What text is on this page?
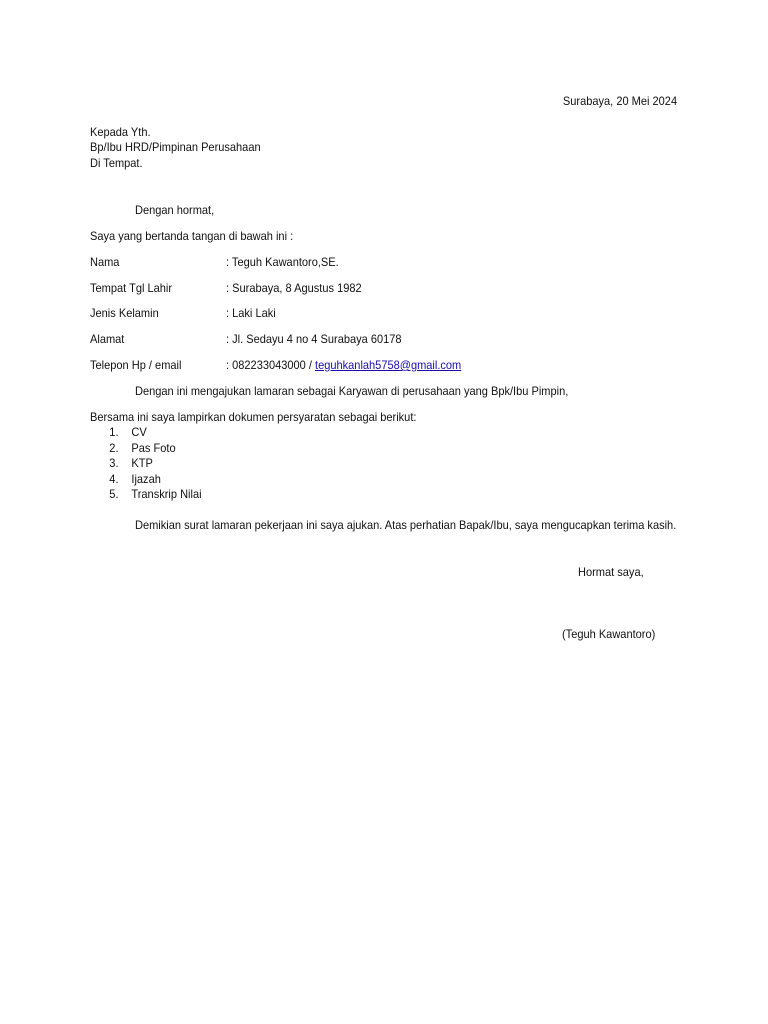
Surabaya, 20 Mei 2024
Kepada Yth.
Bp/Ibu HRD/Pimpinan Perusahaan
Di Tempat.
Dengan hormat,
Saya yang bertanda tangan di bawah ini :
Nama	: Teguh Kawantoro,SE.
Tempat Tgl Lahir	: Surabaya, 8 Agustus 1982
Jenis Kelamin	: Laki Laki
Alamat	: Jl. Sedayu 4 no 4 Surabaya 60178
Telepon Hp / email	: 082233043000 / teguhkanlah5758@gmail.com
Dengan ini mengajukan lamaran sebagai Karyawan di perusahaan yang Bpk/Ibu Pimpin,
Bersama ini saya lampirkan dokumen persyaratan sebagai berikut:
1. CV
2. Pas Foto
3. KTP
4. Ijazah
5. Transkrip Nilai
Demikian surat lamaran pekerjaan ini saya ajukan. Atas perhatian Bapak/Ibu, saya mengucapkan terima kasih.
Hormat saya,
(Teguh Kawantoro)
